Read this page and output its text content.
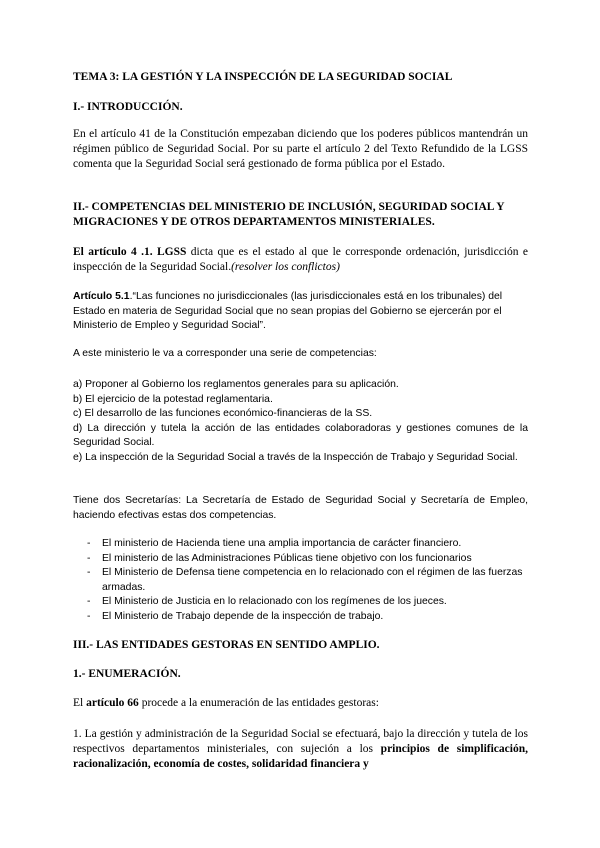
TEMA 3: LA GESTIÓN Y LA INSPECCIÓN DE LA SEGURIDAD SOCIAL
I.- INTRODUCCIÓN.
En el artículo 41 de la Constitución empezaban diciendo que los poderes públicos mantendrán un régimen público de Seguridad Social. Por su parte el artículo 2 del Texto Refundido de la LGSS comenta que la Seguridad Social será gestionado de forma pública por el Estado.
II.- COMPETENCIAS DEL MINISTERIO DE INCLUSIÓN, SEGURIDAD SOCIAL Y MIGRACIONES Y DE OTROS DEPARTAMENTOS MINISTERIALES.
El artículo 4 .1. LGSS dicta que es el estado al que le corresponde ordenación, jurisdicción e inspección de la Seguridad Social.(resolver los conflictos)
Artículo 5.1.“Las funciones no jurisdiccionales (las jurisdiccionales está en los tribunales) del Estado en materia de Seguridad Social que no sean propias del Gobierno se ejercerán por el Ministerio de Empleo y Seguridad Social”.
A este ministerio le va a corresponder una serie de competencias:
a) Proponer al Gobierno los reglamentos generales para su aplicación.
b) El ejercicio de la potestad reglamentaria.
c) El desarrollo de las funciones económico-financieras de la SS.
d) La dirección y tutela la acción de las entidades colaboradoras y gestiones comunes de la Seguridad Social.
e) La inspección de la Seguridad Social a través de la Inspección de Trabajo y Seguridad Social.
Tiene dos Secretarías: La Secretaría de Estado de Seguridad Social y Secretaría de Empleo, haciendo efectivas estas dos competencias.
- El ministerio de Hacienda tiene una amplia importancia de carácter financiero.
- El ministerio de las Administraciones Públicas tiene objetivo con los funcionarios
- El Ministerio de Defensa tiene competencia en lo relacionado con el régimen de las fuerzas armadas.
- El Ministerio de Justicia en lo relacionado con los regímenes de los jueces.
- El Ministerio de Trabajo depende de la inspección de trabajo.
III.- LAS ENTIDADES GESTORAS EN SENTIDO AMPLIO.
1.- ENUMERACIÓN.
El artículo 66 procede a la enumeración de las entidades gestoras:
1. La gestión y administración de la Seguridad Social se efectuará, bajo la dirección y tutela de los respectivos departamentos ministeriales, con sujeción a los principios de simplificación, racionalización, economía de costes, solidaridad financiera y
